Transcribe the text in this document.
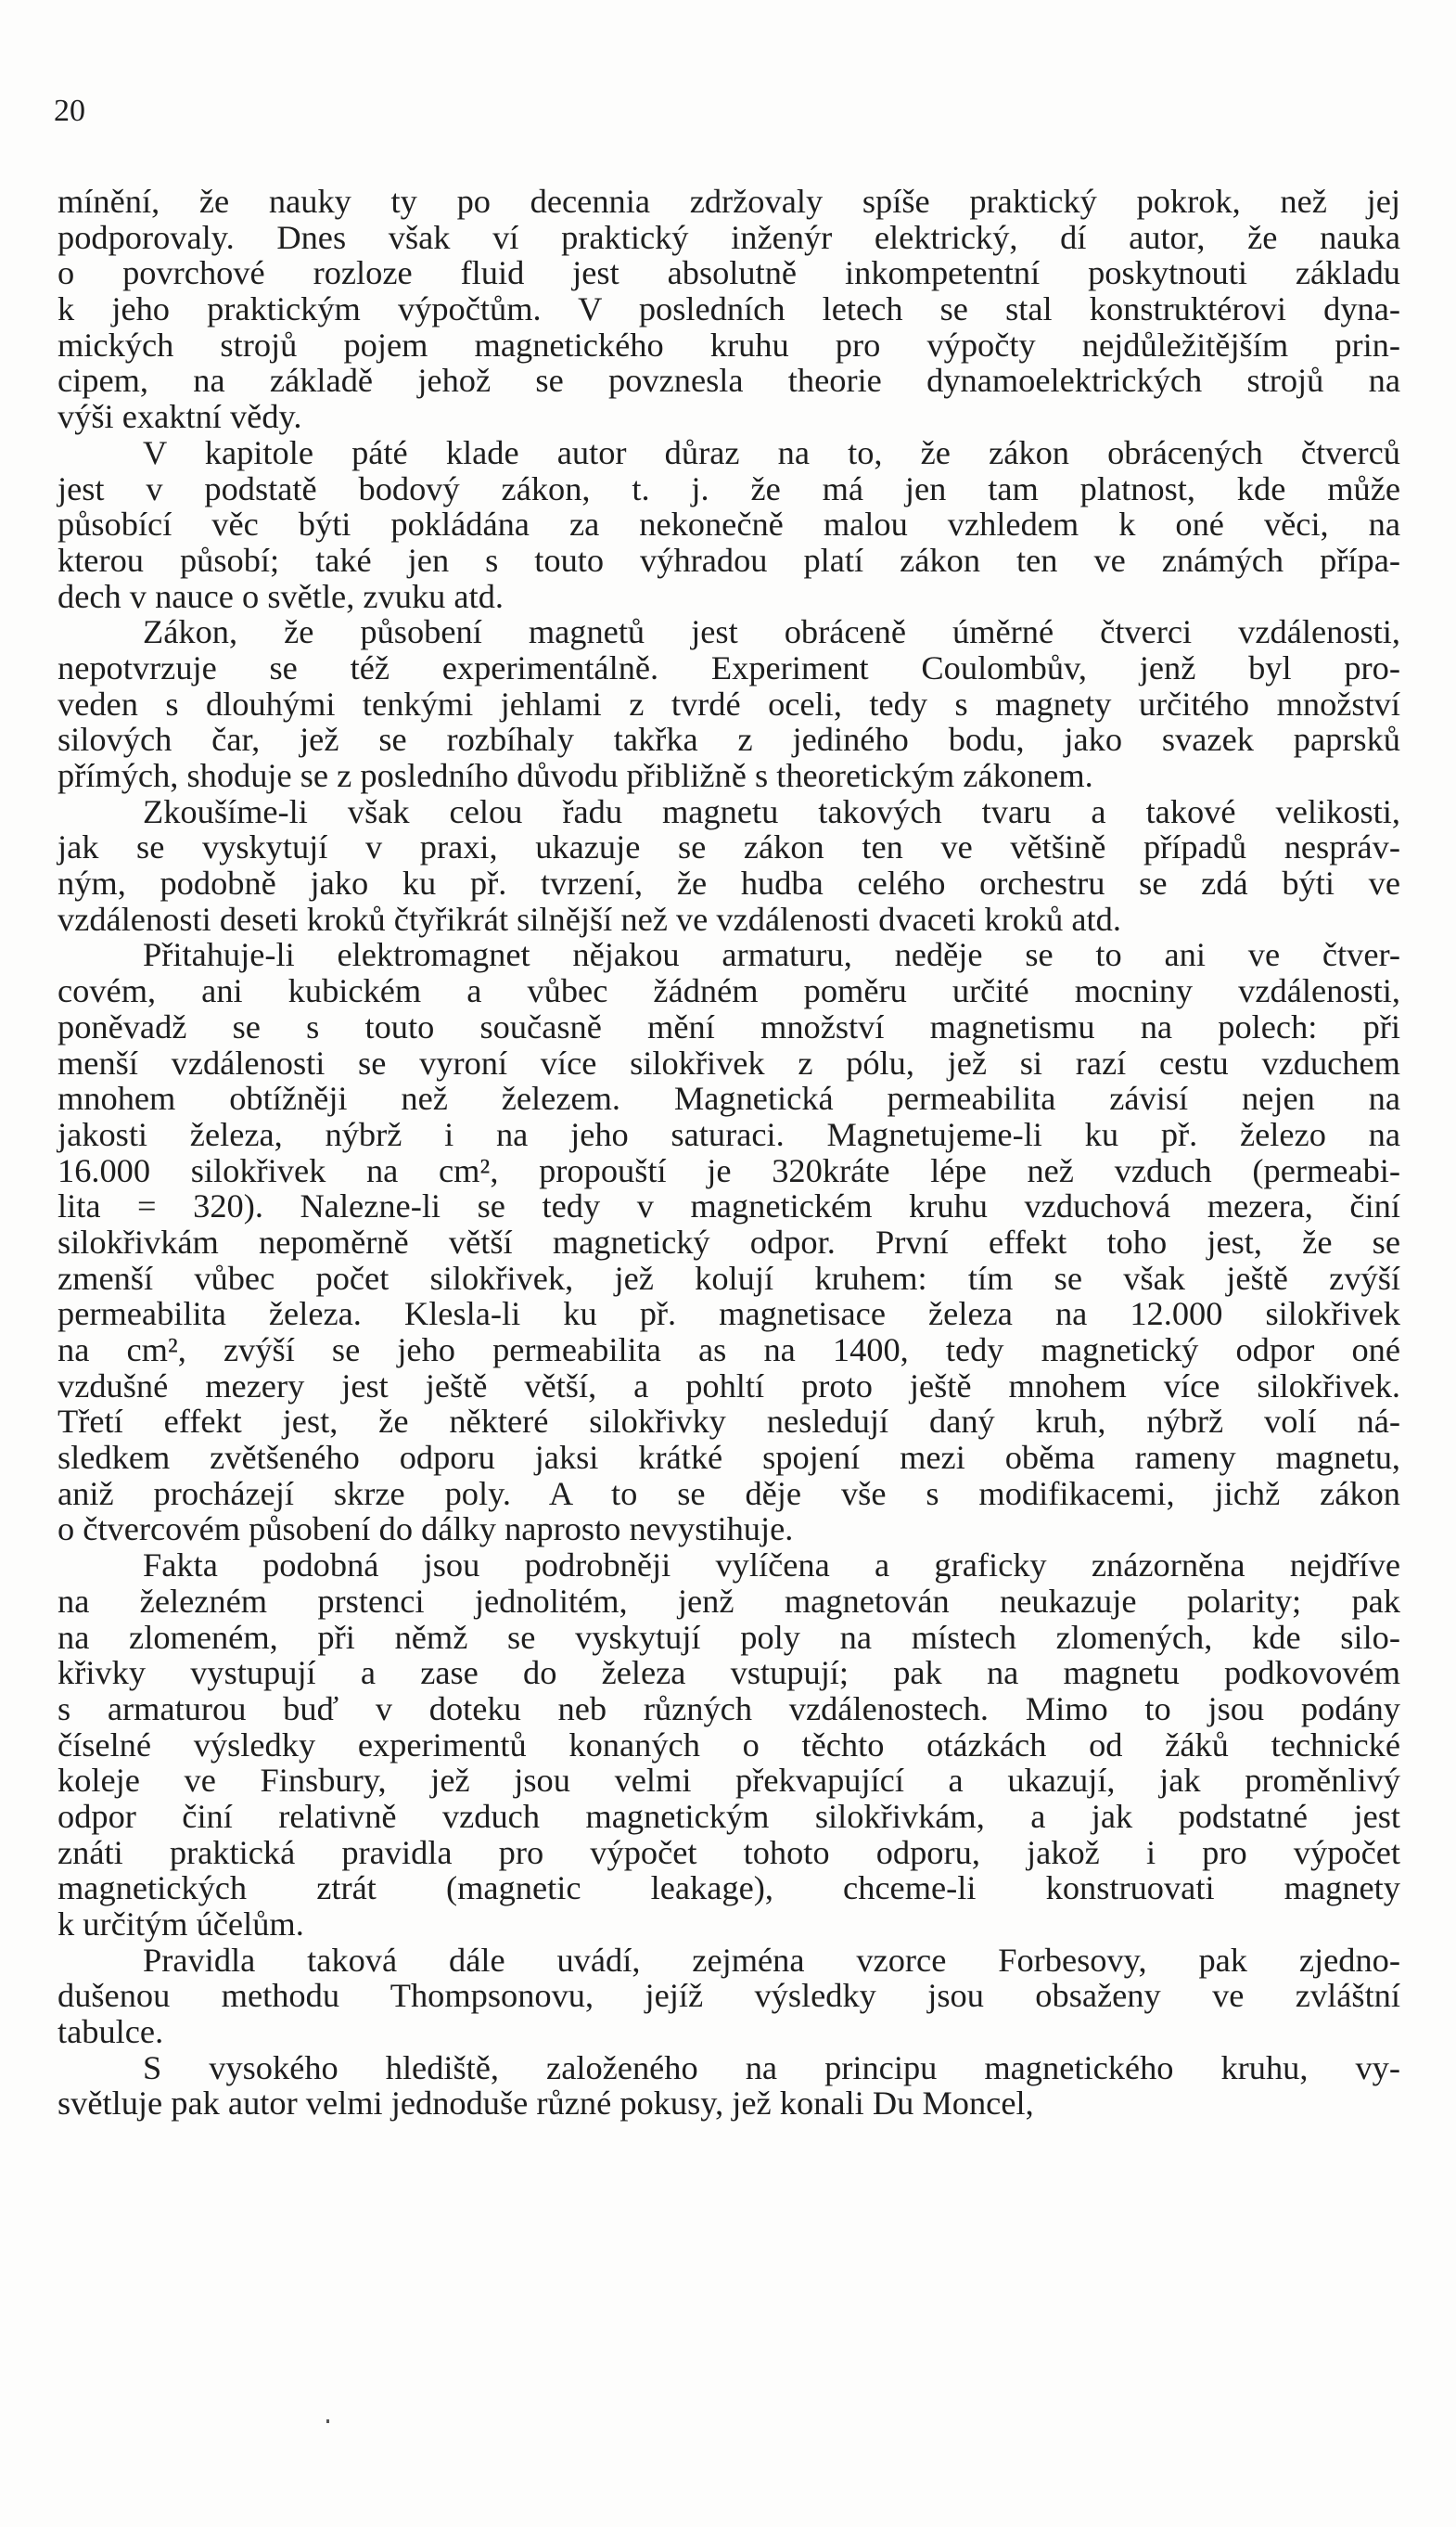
20
mínění, že nauky ty po decennia zdržovaly spíše praktický pokrok, než jej
podporovaly. Dnes však ví praktický inženýr elektrický, dí autor, že nauka
o povrchové rozloze fluid jest absolutně inkompetentní poskytnouti základu
k jeho praktickým výpočtům. V posledních letech se stal konstruktérovi dyna-
mických strojů pojem magnetického kruhu pro výpočty nejdůležitějším prin-
cipem, na základě jehož se povznesla theorie dynamoelektrických strojů na
výši exaktní vědy.
V kapitole páté klade autor důraz na to, že zákon obrácených čtverců
jest v podstatě bodový zákon, t. j. že má jen tam platnost, kde může
působící věc býti pokládána za nekonečně malou vzhledem k oné věci, na
kterou působí; také jen s touto výhradou platí zákon ten ve známých přípa-
dech v nauce o světle, zvuku atd.
Zákon, že působení magnetů jest obráceně úměrné čtverci vzdálenosti,
nepotvrzuje se též experimentálně. Experiment Coulombův, jenž byl pro-
veden s dlouhými tenkými jehlami z tvrdé oceli, tedy s magnety určitého množství
silových čar, jež se rozbíhaly takřka z jediného bodu, jako svazek paprsků
přímých, shoduje se z posledního důvodu přibližně s theoretickým zákonem.
Zkoušíme-li však celou řadu magnetu takových tvaru a takové velikosti,
jak se vyskytují v praxi, ukazuje se zákon ten ve většině případů nespráv-
ným, podobně jako ku př. tvrzení, že hudba celého orchestru se zdá býti ve
vzdálenosti deseti kroků čtyřikrát silnější než ve vzdálenosti dvaceti kroků atd.
Přitahuje-li elektromagnet nějakou armaturu, neděje se to ani ve čtver-
covém, ani kubickém a vůbec žádném poměru určité mocniny vzdálenosti,
poněvadž se s touto současně mění množství magnetismu na polech: při
menší vzdálenosti se vyroní více silokřivek z pólu, jež si razí cestu vzduchem
mnohem obtížněji než železem. Magnetická permeabilita závisí nejen na
jakosti železa, nýbrž i na jeho saturaci. Magnetujeme-li ku př. železo na
16.000 silokřivek na cm², propouští je 320kráte lépe než vzduch (permeabi-
lita = 320). Nalezne-li se tedy v magnetickém kruhu vzduchová mezera, činí
silokřivkám nepoměrně větší magnetický odpor. První effekt toho jest, že se
zmenší vůbec počet silokřivek, jež kolují kruhem: tím se však ještě zvýší
permeabilita železa. Klesla-li ku př. magnetisace železa na 12.000 silokřivek
na cm², zvýší se jeho permeabilita as na 1400, tedy magnetický odpor oné
vzdušné mezery jest ještě větší, a pohltí proto ještě mnohem více silokřivek.
Třetí effekt jest, že některé silokřivky nesledují daný kruh, nýbrž volí ná-
sledkem zvětšeného odporu jaksi krátké spojení mezi oběma rameny magnetu,
aniž procházejí skrze poly. A to se děje vše s modifikacemi, jichž zákon
o čtvercovém působení do dálky naprosto nevystihuje.
Fakta podobná jsou podrobněji vylíčena a graficky znázorněna nejdříve
na železném prstenci jednolitém, jenž magnetován neukazuje polarity; pak
na zlomeném, při němž se vyskytují poly na místech zlomených, kde silo-
křivky vystupují a zase do železa vstupují; pak na magnetu podkovovém
s armaturou buď v doteku neb různých vzdálenostech. Mimo to jsou podány
číselné výsledky experimentů konaných o těchto otázkách od žáků technické
koleje ve Finsbury, jež jsou velmi překvapující a ukazují, jak proměnlivý
odpor činí relativně vzduch magnetickým silokřivkám, a jak podstatné jest
znáti praktická pravidla pro výpočet tohoto odporu, jakož i pro výpočet
magnetických ztrát (magnetic leakage), chceme-li konstruovati magnety
k určitým účelům.
Pravidla taková dále uvádí, zejména vzorce Forbesovy, pak zjedno-
dušenou methodu Thompsonovu, jejíž výsledky jsou obsaženy ve zvláštní
tabulce.
S vysokého hlediště, založeného na principu magnetického kruhu, vy-
světluje pak autor velmi jednoduše různé pokusy, jež konali Du Moncel,
